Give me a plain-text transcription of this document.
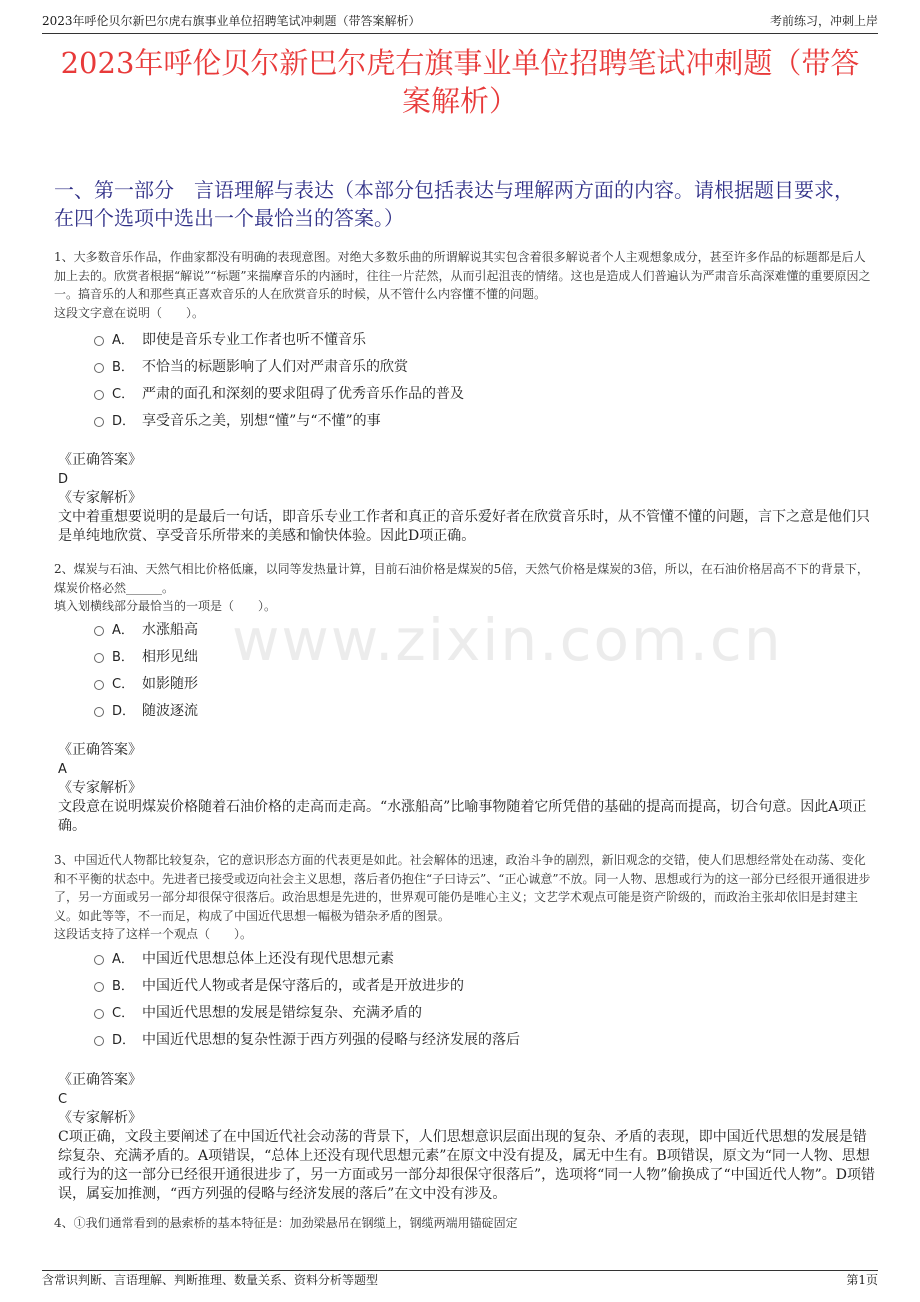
2023年呼伦贝尔新巴尔虎右旗事业单位招聘笔试冲刺题（带答案解析）	考前练习，冲刺上岸
2023年呼伦贝尔新巴尔虎右旗事业单位招聘笔试冲刺题（带答案解析）
一、第一部分　言语理解与表达（本部分包括表达与理解两方面的内容。请根据题目要求，在四个选项中选出一个最恰当的答案。）
www.zixin.com.cn

1、大多数音乐作品，作曲家都没有明确的表现意图。对绝大多数乐曲的所谓解说其实包含着很多解说者个人主观想象成分，甚至许多作品的标题都是后人加上去的。欣赏者根据“解说”“标题”来揣摩音乐的内涵时，往往一片茫然，从而引起沮丧的情绪。这也是造成人们普遍认为严肃音乐高深难懂的重要原因之一。搞音乐的人和那些真正喜欢音乐的人在欣赏音乐的时候，从不管什么内容懂不懂的问题。

这段文字意在说明（　　）。

A． 即使是音乐专业工作者也听不懂音乐
B． 不恰当的标题影响了人们对严肃音乐的欣赏
C． 严肃的面孔和深刻的要求阻碍了优秀音乐作品的普及
D． 享受音乐之美，别想“懂”与“不懂”的事

《正确答案》

D

《专家解析》

文中着重想要说明的是最后一句话，即音乐专业工作者和真正的音乐爱好者在欣赏音乐时，从不管懂不懂的问题，言下之意是他们只是单纯地欣赏、享受音乐所带来的美感和愉快体验。因此D项正确。

2、煤炭与石油、天然气相比价格低廉，以同等发热量计算，目前石油价格是煤炭的5倍，天然气价格是煤炭的3倍，所以，在石油价格居高不下的背景下，煤炭价格必然______。

填入划横线部分最恰当的一项是（　　）。

A． 水涨船高
B． 相形见绌
C． 如影随形
D． 随波逐流

《正确答案》

A

《专家解析》

文段意在说明煤炭价格随着石油价格的走高而走高。“水涨船高”比喻事物随着它所凭借的基础的提高而提高，切合句意。因此A项正确。

3、中国近代人物都比较复杂，它的意识形态方面的代表更是如此。社会解体的迅速，政治斗争的剧烈，新旧观念的交错，使人们思想经常处在动荡、变化和不平衡的状态中。先进者已接受或迈向社会主义思想，落后者仍抱住“子曰诗云”、“正心诚意”不放。同一人物、思想或行为的这一部分已经很开通很进步了，另一方面或另一部分却很保守很落后。政治思想是先进的，世界观可能仍是唯心主义；文艺学术观点可能是资产阶级的，而政治主张却依旧是封建主义。如此等等，不一而足，构成了中国近代思想一幅极为错杂矛盾的图景。

这段话支持了这样一个观点（　　）。

A． 中国近代思想总体上还没有现代思想元素
B． 中国近代人物或者是保守落后的，或者是开放进步的
C． 中国近代思想的发展是错综复杂、充满矛盾的
D． 中国近代思想的复杂性源于西方列强的侵略与经济发展的落后

《正确答案》

C

《专家解析》

C项正确，文段主要阐述了在中国近代社会动荡的背景下，人们思想意识层面出现的复杂、矛盾的表现，即中国近代思想的发展是错综复杂、充满矛盾的。A项错误，“总体上还没有现代思想元素”在原文中没有提及，属无中生有。B项错误，原文为“同一人物、思想或行为的这一部分已经很开通很进步了，另一方面或另一部分却很保守很落后”，选项将“同一人物”偷换成了“中国近代人物”。D项错误，属妄加推测，“西方列强的侵略与经济发展的落后”在文中没有涉及。

4、①我们通常看到的悬索桥的基本特征是：加劲梁悬吊在钢缆上，钢缆两端用锚碇固定

含常识判断、言语理解、判断推理、数量关系、资料分析等题型	第1页
